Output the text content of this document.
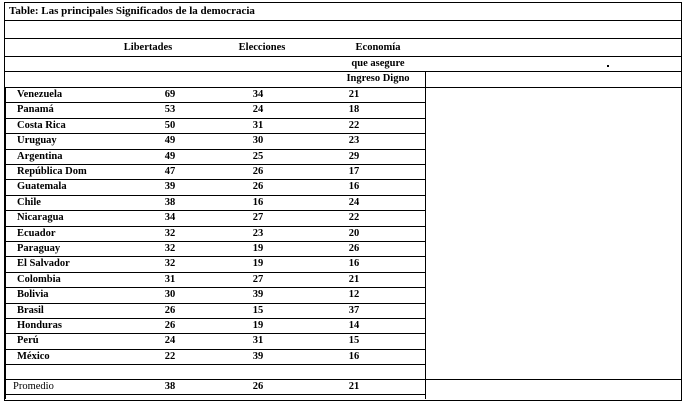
Table: Las principales Significados de la democracia
Libertades	Elecciones	Economía
que asegure
Ingreso Digno
Venezuela	69	34	21
Panamá	53	24	18
Costa Rica	50	31	22
Uruguay	49	30	23
Argentina	49	25	29
República Dom	47	26	17
Guatemala	39	26	16
Chile	38	16	24
Nicaragua	34	27	22
Ecuador	32	23	20
Paraguay	32	19	26
El Salvador	32	19	16
Colombia	31	27	21
Bolivia	30	39	12
Brasil	26	15	37
Honduras	26	19	14
Perú	24	31	15
México	22	39	16
Promedio	38	26	21
